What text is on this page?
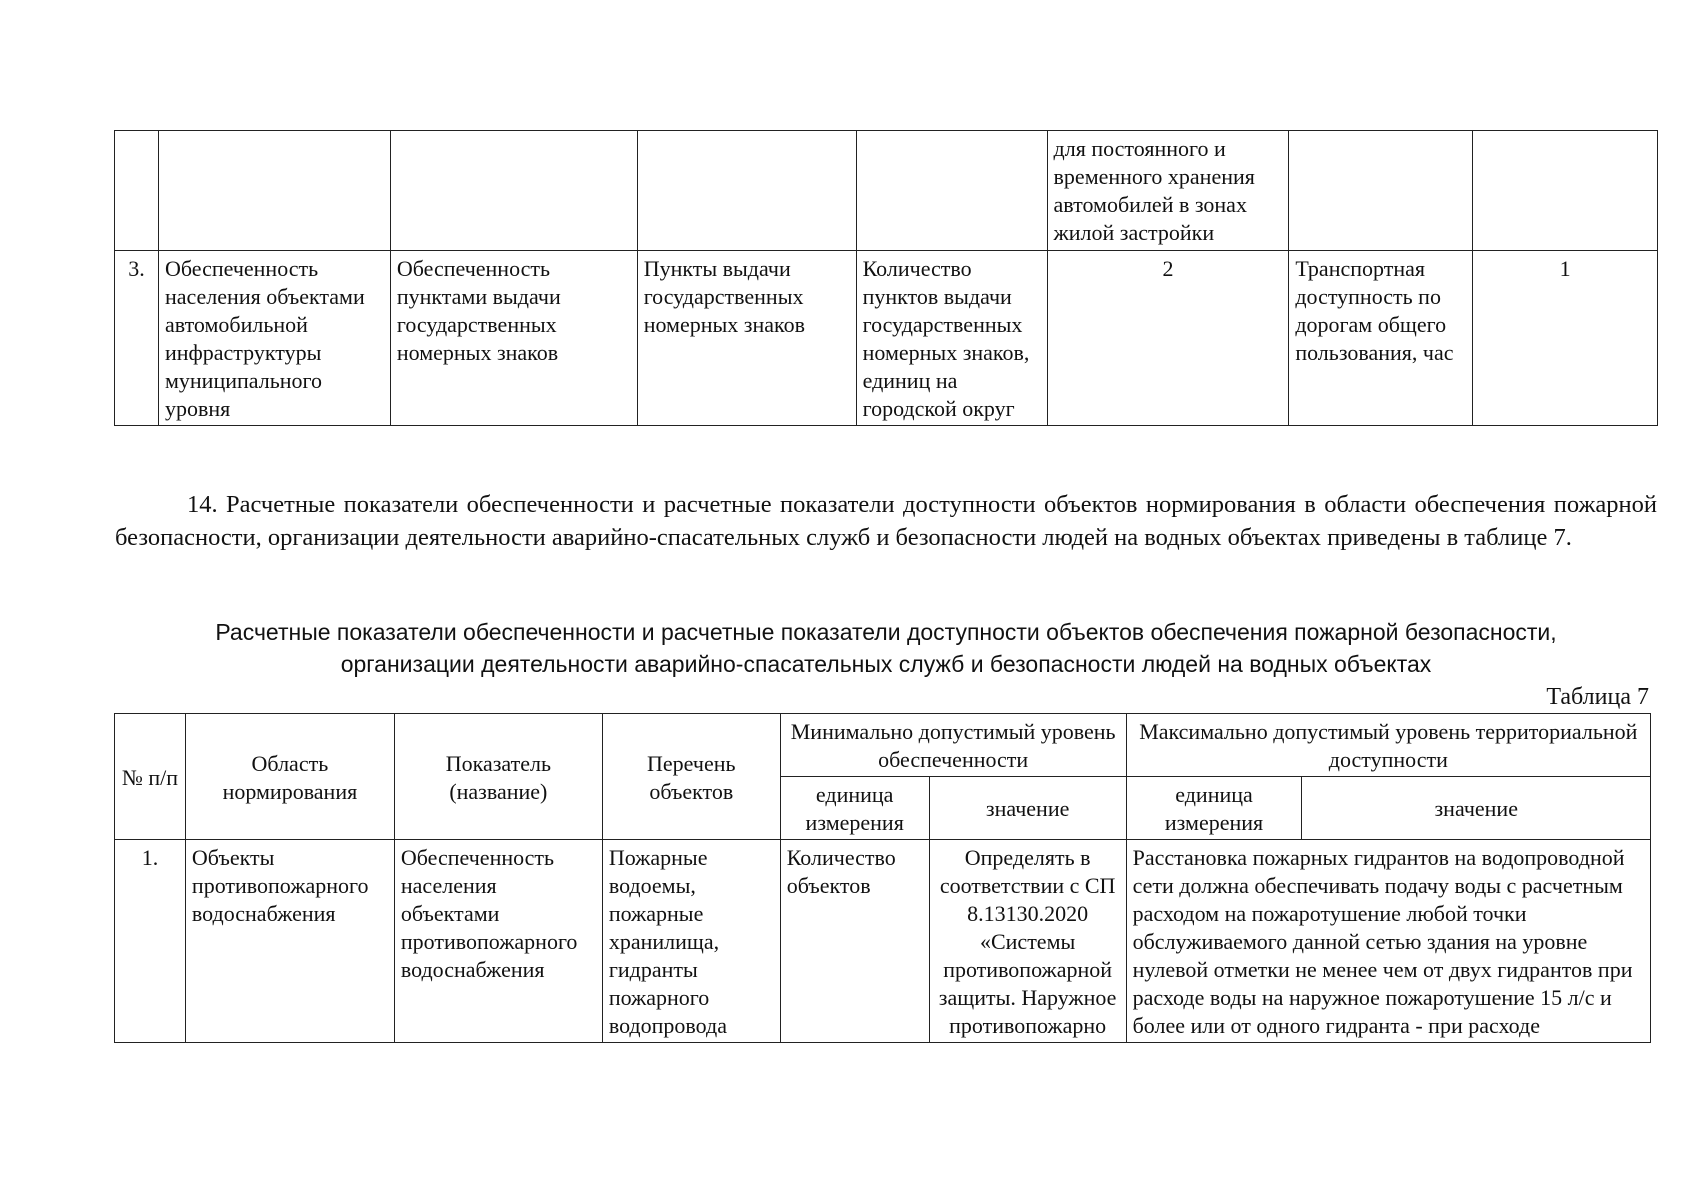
					для постоянного и временного хранения автомобилей в зонах жилой застройки		
3.	Обеспеченность населения объектами автомобильной инфраструктуры муниципального уровня	Обеспеченность пунктами выдачи государственных номерных знаков	Пункты выдачи государственных номерных знаков	Количество пунктов выдачи государственных номерных знаков, единиц на городской округ	2	Транспортная доступность по дорогам общего пользования, час	1
14. Расчетные показатели обеспеченности и расчетные показатели доступности объектов нормирования в области обеспечения пожарной безопасности, организации деятельности аварийно-спасательных служб и безопасности людей на водных объектах приведены в таблице 7.
Расчетные показатели обеспеченности и расчетные показатели доступности объектов обеспечения пожарной безопасности,
организации деятельности аварийно-спасательных служб и безопасности людей на водных объектах
Таблица 7
№ п/п	Область нормирования	Показатель (название)	Перечень объектов	Минимально допустимый уровень обеспеченности		Максимально допустимый уровень территориальной доступности	
				единица измерения	значение	единица измерения	значение
1.	Объекты противопожарного водоснабжения	Обеспеченность населения объектами противопожарного водоснабжения	Пожарные водоемы, пожарные хранилища, гидранты пожарного водопровода	Количество объектов	Определять в соответствии с СП 8.13130.2020 «Системы противопожарной защиты. Наружное противопожарно	Расстановка пожарных гидрантов на водопроводной сети должна обеспечивать подачу воды с расчетным расходом на пожаротушение любой точки обслуживаемого данной сетью здания на уровне нулевой отметки не менее чем от двух гидрантов при расходе воды на наружное пожаротушение 15 л/с и более или от одного гидранта - при расходе	
